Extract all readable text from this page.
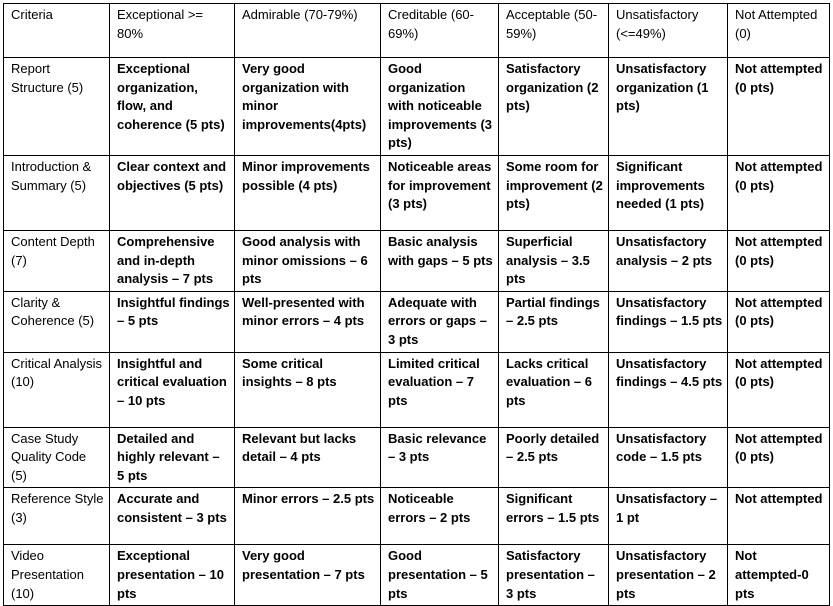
Criteria	Exceptional >= 80%	Admirable (70-79%)	Creditable (60-69%)	Acceptable (50-59%)	Unsatisfactory (<=49%)	Not Attempted (0)

Report Structure (5)	Exceptional organization, flow, and coherence (5 pts)	Very good organization with minor improvements(4pts)	Good organization with noticeable improvements (3 pts)	Satisfactory organization (2 pts)	Unsatisfactory organization (1 pts)	Not attempted (0 pts)

Introduction & Summary (5)	Clear context and objectives (5 pts)	Minor improvements possible (4 pts)	Noticeable areas for improvement (3 pts)	Some room for improvement (2 pts)	Significant improvements needed (1 pts)	Not attempted (0 pts)

Content Depth (7)	Comprehensive and in-depth analysis – 7 pts	Good analysis with minor omissions – 6 pts	Basic analysis with gaps – 5 pts	Superficial analysis – 3.5 pts	Unsatisfactory analysis – 2 pts	Not attempted (0 pts)

Clarity & Coherence (5)	Insightful findings – 5 pts	Well-presented with minor errors – 4 pts	Adequate with errors or gaps – 3 pts	Partial findings – 2.5 pts	Unsatisfactory findings – 1.5 pts	Not attempted (0 pts)

Critical Analysis (10)	Insightful and critical evaluation – 10 pts	Some critical insights – 8 pts	Limited critical evaluation – 7 pts	Lacks critical evaluation – 6 pts	Unsatisfactory findings – 4.5 pts	Not attempted (0 pts)

Case Study Quality Code (5)	Detailed and highly relevant – 5 pts	Relevant but lacks detail – 4 pts	Basic relevance – 3 pts	Poorly detailed – 2.5 pts	Unsatisfactory code – 1.5 pts	Not attempted (0 pts)

Reference Style (3)	Accurate and consistent – 3 pts	Minor errors – 2.5 pts	Noticeable errors – 2 pts	Significant errors – 1.5 pts	Unsatisfactory – 1 pt	Not attempted

Video Presentation (10)	Exceptional presentation – 10 pts	Very good presentation – 7 pts	Good presentation – 5 pts	Satisfactory presentation – 3 pts	Unsatisfactory presentation – 2 pts	Not attempted-0 pts
